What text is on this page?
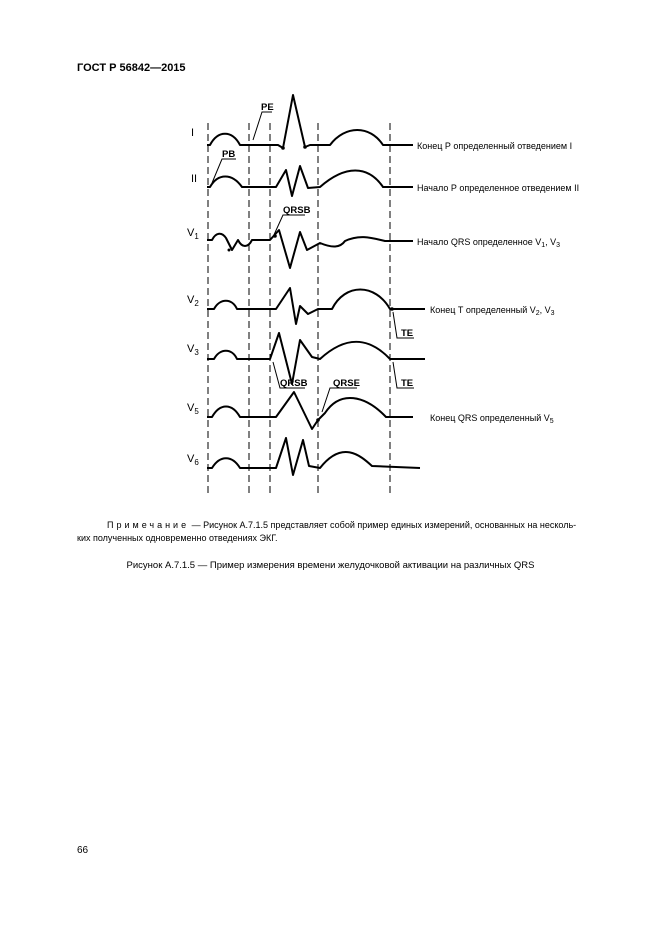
ГОСТ Р 56842—2015
I
II
$V_1$
$V_2$
$V_3$
$V_5$
$V_6$
Конец Р определенный отведением I
Начало Р определенное отведением II
Начало QRS определенное $V_1$, $V_3$
Конец Т определенный $V_2$, $V_3$
Конец QRS определенный $V_5$
PE
PB
QRSB
TE
TE
QRSB	QRSE
Примечание — Рисунок А.7.1.5 представляет собой пример единых измерений, основанных на несколь-
ких полученных одновременно отведениях ЭКГ.
Рисунок А.7.1.5 — Пример измерения времени желудочковой активации на различных QRS
66
